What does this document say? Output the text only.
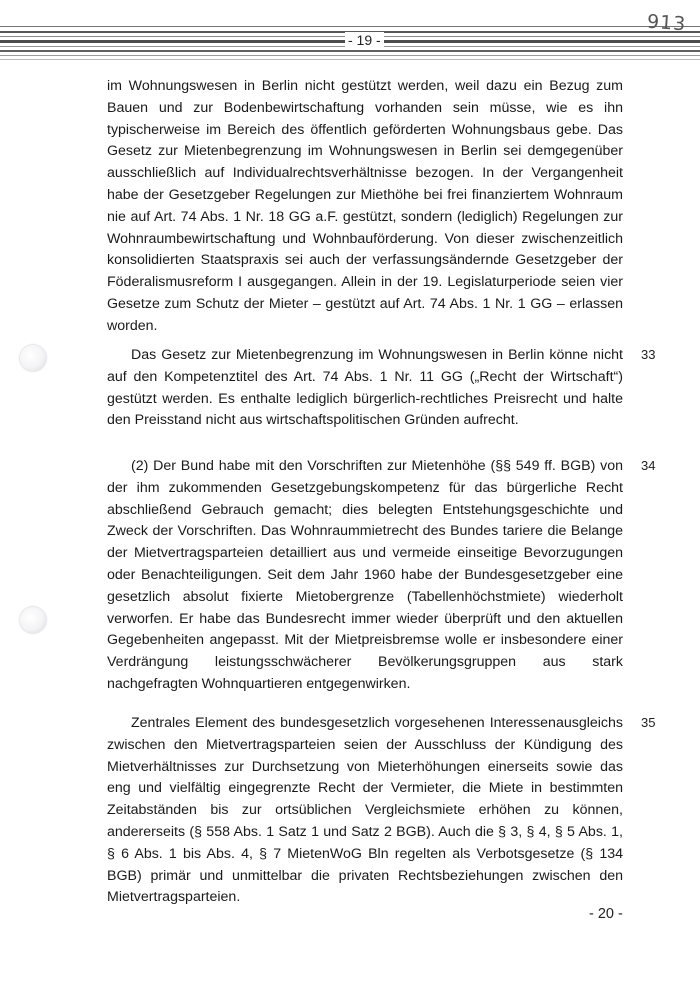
- 19 -
913

im Wohnungswesen in Berlin nicht gestützt werden, weil dazu ein Bezug zum Bauen und zur Bodenbewirtschaftung vorhanden sein müsse, wie es ihn typischerweise im Bereich des öffentlich geförderten Wohnungsbaus gebe. Das Gesetz zur Mietenbegrenzung im Wohnungswesen in Berlin sei demgegenüber ausschließlich auf Individualrechtsverhältnisse bezogen. In der Vergangenheit habe der Gesetzgeber Regelungen zur Miethöhe bei frei finanziertem Wohnraum nie auf Art. 74 Abs. 1 Nr. 18 GG a.F. gestützt, sondern (lediglich) Regelungen zur Wohnraumbewirtschaftung und Wohnbauförderung. Von dieser zwischenzeitlich konsolidierten Staatspraxis sei auch der verfassungsändernde Gesetzgeber der Föderalismusreform I ausgegangen. Allein in der 19. Legislaturperiode seien vier Gesetze zum Schutz der Mieter – gestützt auf Art. 74 Abs. 1 Nr. 1 GG – erlassen worden.

33

Das Gesetz zur Mietenbegrenzung im Wohnungswesen in Berlin könne nicht auf den Kompetenztitel des Art. 74 Abs. 1 Nr. 11 GG („Recht der Wirtschaft“) gestützt werden. Es enthalte lediglich bürgerlich-rechtliches Preisrecht und halte den Preisstand nicht aus wirtschaftspolitischen Gründen aufrecht.

34

(2) Der Bund habe mit den Vorschriften zur Mietenhöhe (§§ 549 ff. BGB) von der ihm zukommenden Gesetzgebungskompetenz für das bürgerliche Recht abschließend Gebrauch gemacht; dies belegten Entstehungsgeschichte und Zweck der Vorschriften. Das Wohnraummietrecht des Bundes tariere die Belange der Mietvertragsparteien detailliert aus und vermeide einseitige Bevorzugungen oder Benachteiligungen. Seit dem Jahr 1960 habe der Bundesgesetzgeber eine gesetzlich absolut fixierte Mietobergrenze (Tabellenhöchstmiete) wiederholt verworfen. Er habe das Bundesrecht immer wieder überprüft und den aktuellen Gegebenheiten angepasst. Mit der Mietpreisbremse wolle er insbesondere einer Verdrängung leistungsschwächerer Bevölkerungsgruppen aus stark nachgefragten Wohnquartieren entgegenwirken.

35

Zentrales Element des bundesgesetzlich vorgesehenen Interessenausgleichs zwischen den Mietvertragsparteien seien der Ausschluss der Kündigung des Mietverhältnisses zur Durchsetzung von Mieterhöhungen einerseits sowie das eng und vielfältig eingegrenzte Recht der Vermieter, die Miete in bestimmten Zeitabständen bis zur ortsüblichen Vergleichsmiete erhöhen zu können, andererseits (§ 558 Abs. 1 Satz 1 und Satz 2 BGB). Auch die § 3, § 4, § 5 Abs. 1, § 6 Abs. 1 bis Abs. 4, § 7 MietenWoG Bln regelten als Verbotsgesetze (§ 134 BGB) primär und unmittelbar die privaten Rechtsbeziehungen zwischen den Mietvertragsparteien.

- 20 -
